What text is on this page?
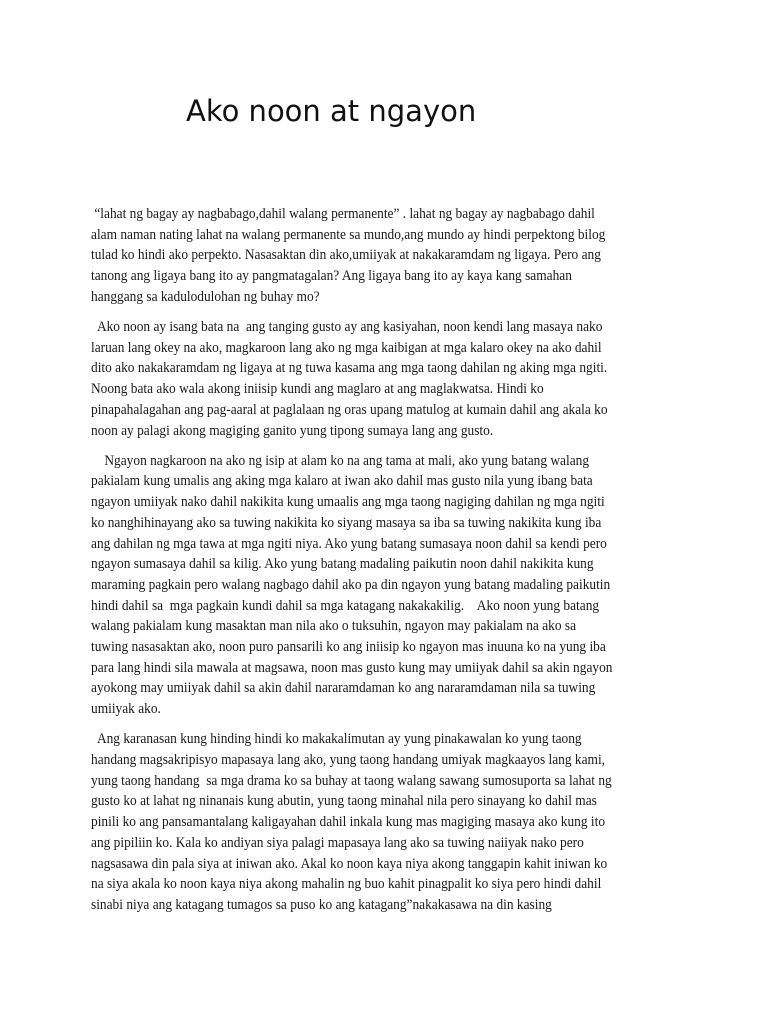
Ako noon at ngayon

“lahat ng bagay ay nagbabago,dahil walang permanente” . lahat ng bagay ay nagbabago dahil
alam naman nating lahat na walang permanente sa mundo,ang mundo ay hindi perpektong bilog
tulad ko hindi ako perpekto. Nasasaktan din ako,umiiyak at nakakaramdam ng ligaya. Pero ang
tanong ang ligaya bang ito ay pangmatagalan? Ang ligaya bang ito ay kaya kang samahan
hanggang sa kadulodulohan ng buhay mo?

Ako noon ay isang bata na  ang tanging gusto ay ang kasiyahan, noon kendi lang masaya nako
laruan lang okey na ako, magkaroon lang ako ng mga kaibigan at mga kalaro okey na ako dahil
dito ako nakakaramdam ng ligaya at ng tuwa kasama ang mga taong dahilan ng aking mga ngiti.
Noong bata ako wala akong iniisip kundi ang maglaro at ang maglakwatsa. Hindi ko
pinapahalagahan ang pag-aaral at paglalaan ng oras upang matulog at kumain dahil ang akala ko
noon ay palagi akong magiging ganito yung tipong sumaya lang ang gusto.

Ngayon nagkaroon na ako ng isip at alam ko na ang tama at mali, ako yung batang walang
pakialam kung umalis ang aking mga kalaro at iwan ako dahil mas gusto nila yung ibang bata
ngayon umiiyak nako dahil nakikita kung umaalis ang mga taong nagiging dahilan ng mga ngiti
ko nanghihinayang ako sa tuwing nakikita ko siyang masaya sa iba sa tuwing nakikita kung iba
ang dahilan ng mga tawa at mga ngiti niya. Ako yung batang sumasaya noon dahil sa kendi pero
ngayon sumasaya dahil sa kilig. Ako yung batang madaling paikutin noon dahil nakikita kung
maraming pagkain pero walang nagbago dahil ako pa din ngayon yung batang madaling paikutin
hindi dahil sa  mga pagkain kundi dahil sa mga katagang nakakakilig.    Ako noon yung batang
walang pakialam kung masaktan man nila ako o tuksuhin, ngayon may pakialam na ako sa
tuwing nasasaktan ako, noon puro pansarili ko ang iniisip ko ngayon mas inuuna ko na yung iba
para lang hindi sila mawala at magsawa, noon mas gusto kung may umiiyak dahil sa akin ngayon
ayokong may umiiyak dahil sa akin dahil nararamdaman ko ang nararamdaman nila sa tuwing
umiiyak ako.

Ang karanasan kung hinding hindi ko makakalimutan ay yung pinakawalan ko yung taong
handang magsakripisyo mapasaya lang ako, yung taong handang umiyak magkaayos lang kami,
yung taong handang  sa mga drama ko sa buhay at taong walang sawang sumosuporta sa lahat ng
gusto ko at lahat ng ninanais kung abutin, yung taong minahal nila pero sinayang ko dahil mas
pinili ko ang pansamantalang kaligayahan dahil inkala kung mas magiging masaya ako kung ito
ang pipiliin ko. Kala ko andiyan siya palagi mapasaya lang ako sa tuwing naiiyak nako pero
nagsasawa din pala siya at iniwan ako. Akal ko noon kaya niya akong tanggapin kahit iniwan ko
na siya akala ko noon kaya niya akong mahalin ng buo kahit pinagpalit ko siya pero hindi dahil
sinabi niya ang katagang tumagos sa puso ko ang katagang”nakakasawa na din kasing
